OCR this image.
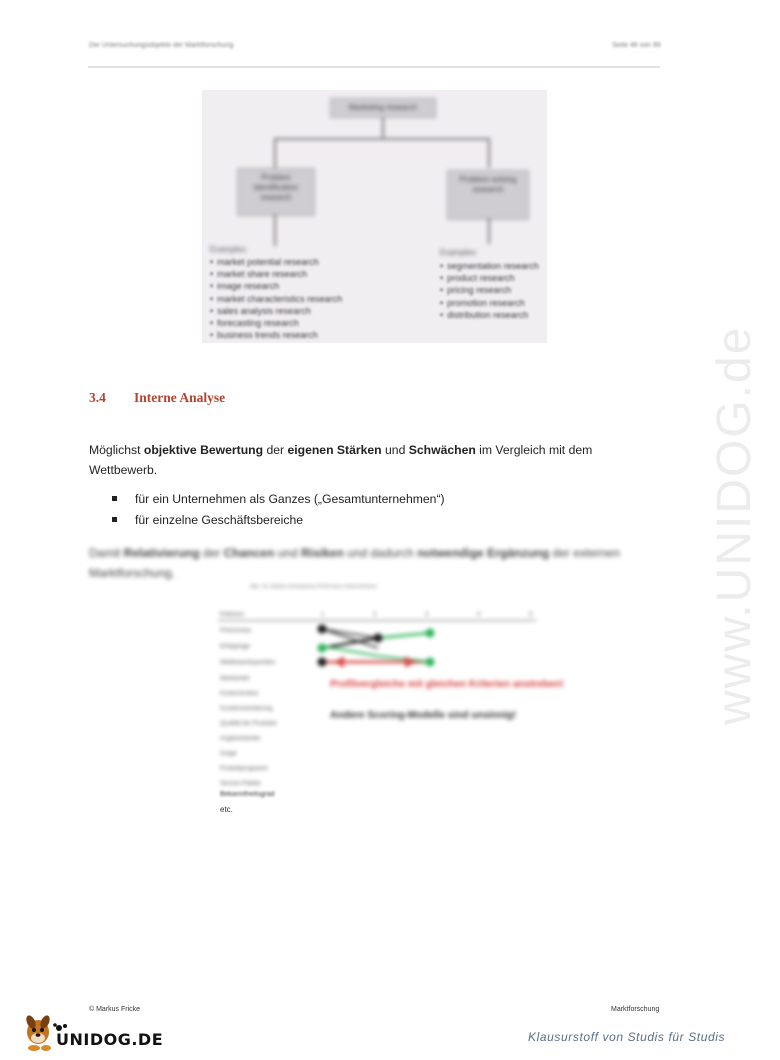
Die Untersuchungsobjekte der Marktforschung	Seite 46 von 99
Marketing research
Problem identification research
Problem solving research
Examples:	Examples:
• market potential research
• market share research
• image research
• market characteristics research
• sales analysis research
• forecasting research
• business trends research
• segmentation research
• product research
• pricing research
• promotion research
• distribution research
3.4 Interne Analyse
Möglichst objektive Bewertung der eigenen Stärken und Schwächen im Vergleich mit dem Wettbewerb.
für ein Unternehmen als Ganzes („Gesamtunternehmen“)
für einzelne Geschäftsbereiche
Damit Relativierung der Chancen und Risiken und dadurch notwendige Ergänzung der externen Marktforschung.
Abb. 18: Stärken-/Schwächen-Profil eines Unternehmens
Kriterium	1	2	3	4	5
Preisniveau
Erfolgslage
Wettbewerbsposition
Marktanteil
Kostenstruktur
Kundenorientierung
Qualität der Produkte
Angebotsbreite
Image
Produktprogramm
Service-Palette
Profilvergleiche mit gleichen Kriterien anstreben!
Andere Scoring-Modelle sind unsinnig!
Bekanntheitsgrad
etc.
www.UNIDOG.de
© Markus Fricke	Marktforschung
UNIDOG.DE	Klausurstoff von Studis für Studis
